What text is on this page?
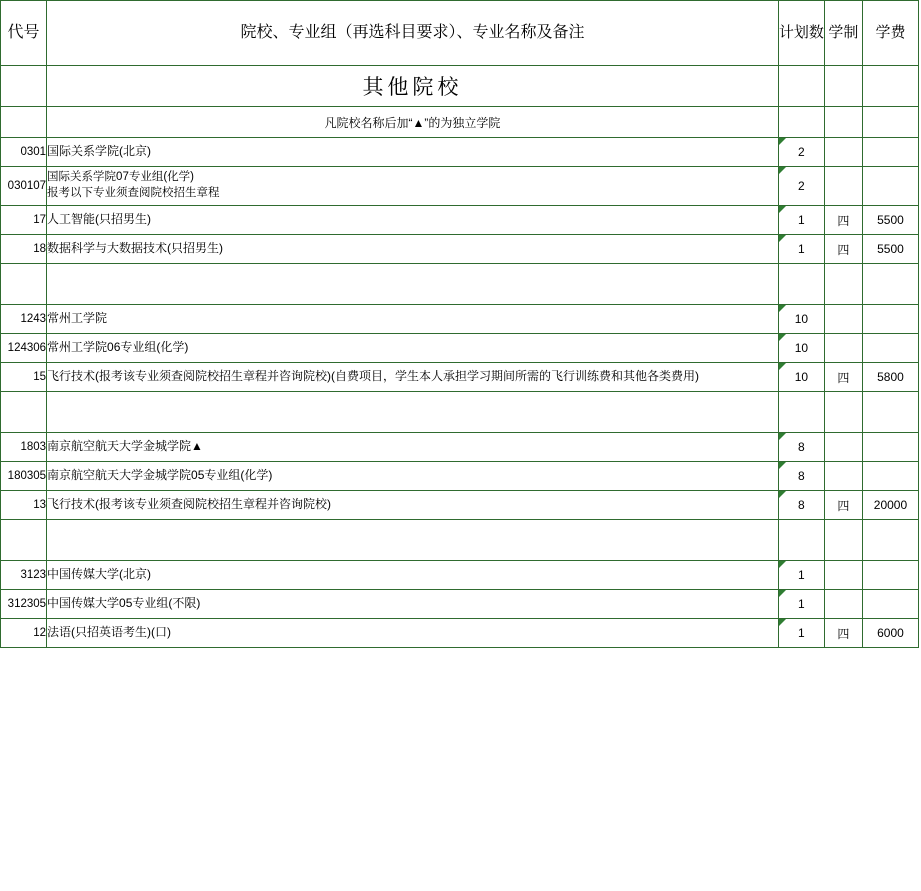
代号	院校、专业组（再选科目要求）、专业名称及备注	计划数	学制	学费
	其他院校			
	凡院校名称后加“▲”的为独立学院			
0301	国际关系学院(北京)	2		
030107	国际关系学院07专业组(化学)
报考以下专业须查阅院校招生章程	2		
17	人工智能(只招男生)	1	四	5500
18	数据科学与大数据技术(只招男生)	1	四	5500

1243	常州工学院	10		
124306	常州工学院06专业组(化学)	10		
15	飞行技术(报考该专业须查阅院校招生章程并咨询院校)(自费项目，学生本人承担学习期间所需的飞行训练费和其他各类费用)	10	四	5800

1803	南京航空航天大学金城学院▲	8		
180305	南京航空航天大学金城学院05专业组(化学)	8		
13	飞行技术(报考该专业须查阅院校招生章程并咨询院校)	8	四	20000

3123	中国传媒大学(北京)	1		
312305	中国传媒大学05专业组(不限)	1		
12	法语(只招英语考生)(口)	1	四	6000
